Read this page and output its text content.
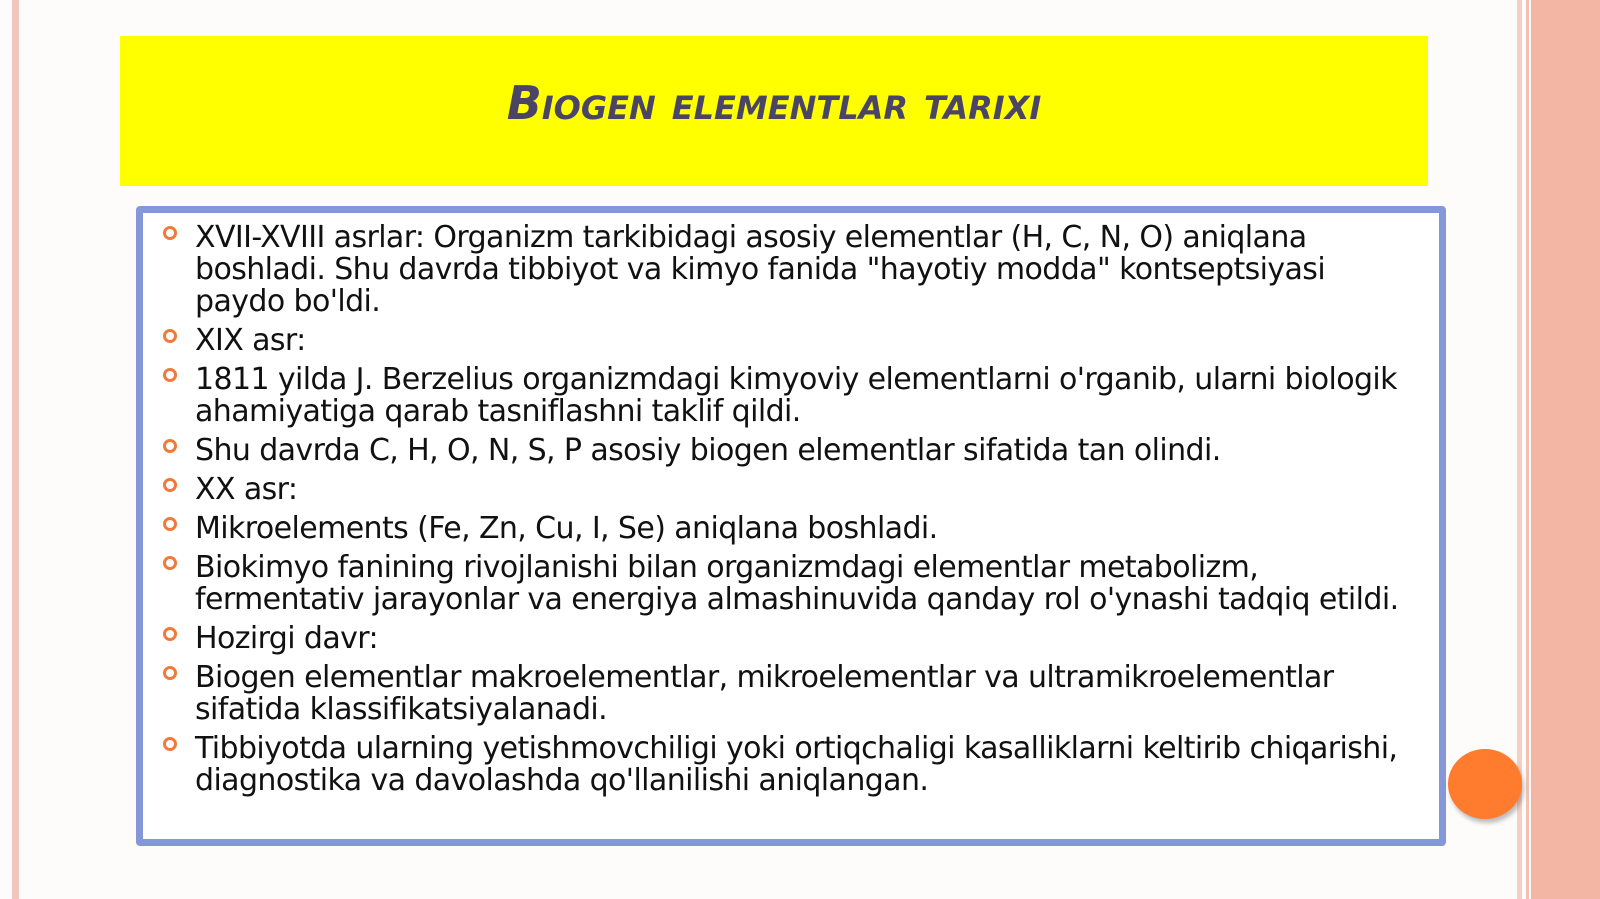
Biogen elementlar tarixi
XVII-XVIII asrlar: Organizm tarkibidagi asosiy elementlar (H, C, N, O) aniqlana boshladi. Shu davrda tibbiyot va kimyo fanida "hayotiy modda" kontseptsiyasi paydo bo'ldi.
XIX asr:
1811 yilda J. Berzelius organizmdagi kimyoviy elementlarni o'rganib, ularni biologik ahamiyatiga qarab tasniflashni taklif qildi.
Shu davrda C, H, O, N, S, P asosiy biogen elementlar sifatida tan olindi.
XX asr:
Mikroelements (Fe, Zn, Cu, I, Se) aniqlana boshladi.
Biokimyo fanining rivojlanishi bilan organizmdagi elementlar metabolizm, fermentativ jarayonlar va energiya almashinuvida qanday rol o'ynashi tadqiq etildi.
Hozirgi davr:
Biogen elementlar makroelementlar, mikroelementlar va ultramikroelementlar sifatida klassifikatsiyalanadi.
Tibbiyotda ularning yetishmovchiligi yoki ortiqchaligi kasalliklarni keltirib chiqarishi, diagnostika va davolashda qo'llanilishi aniqlangan.
